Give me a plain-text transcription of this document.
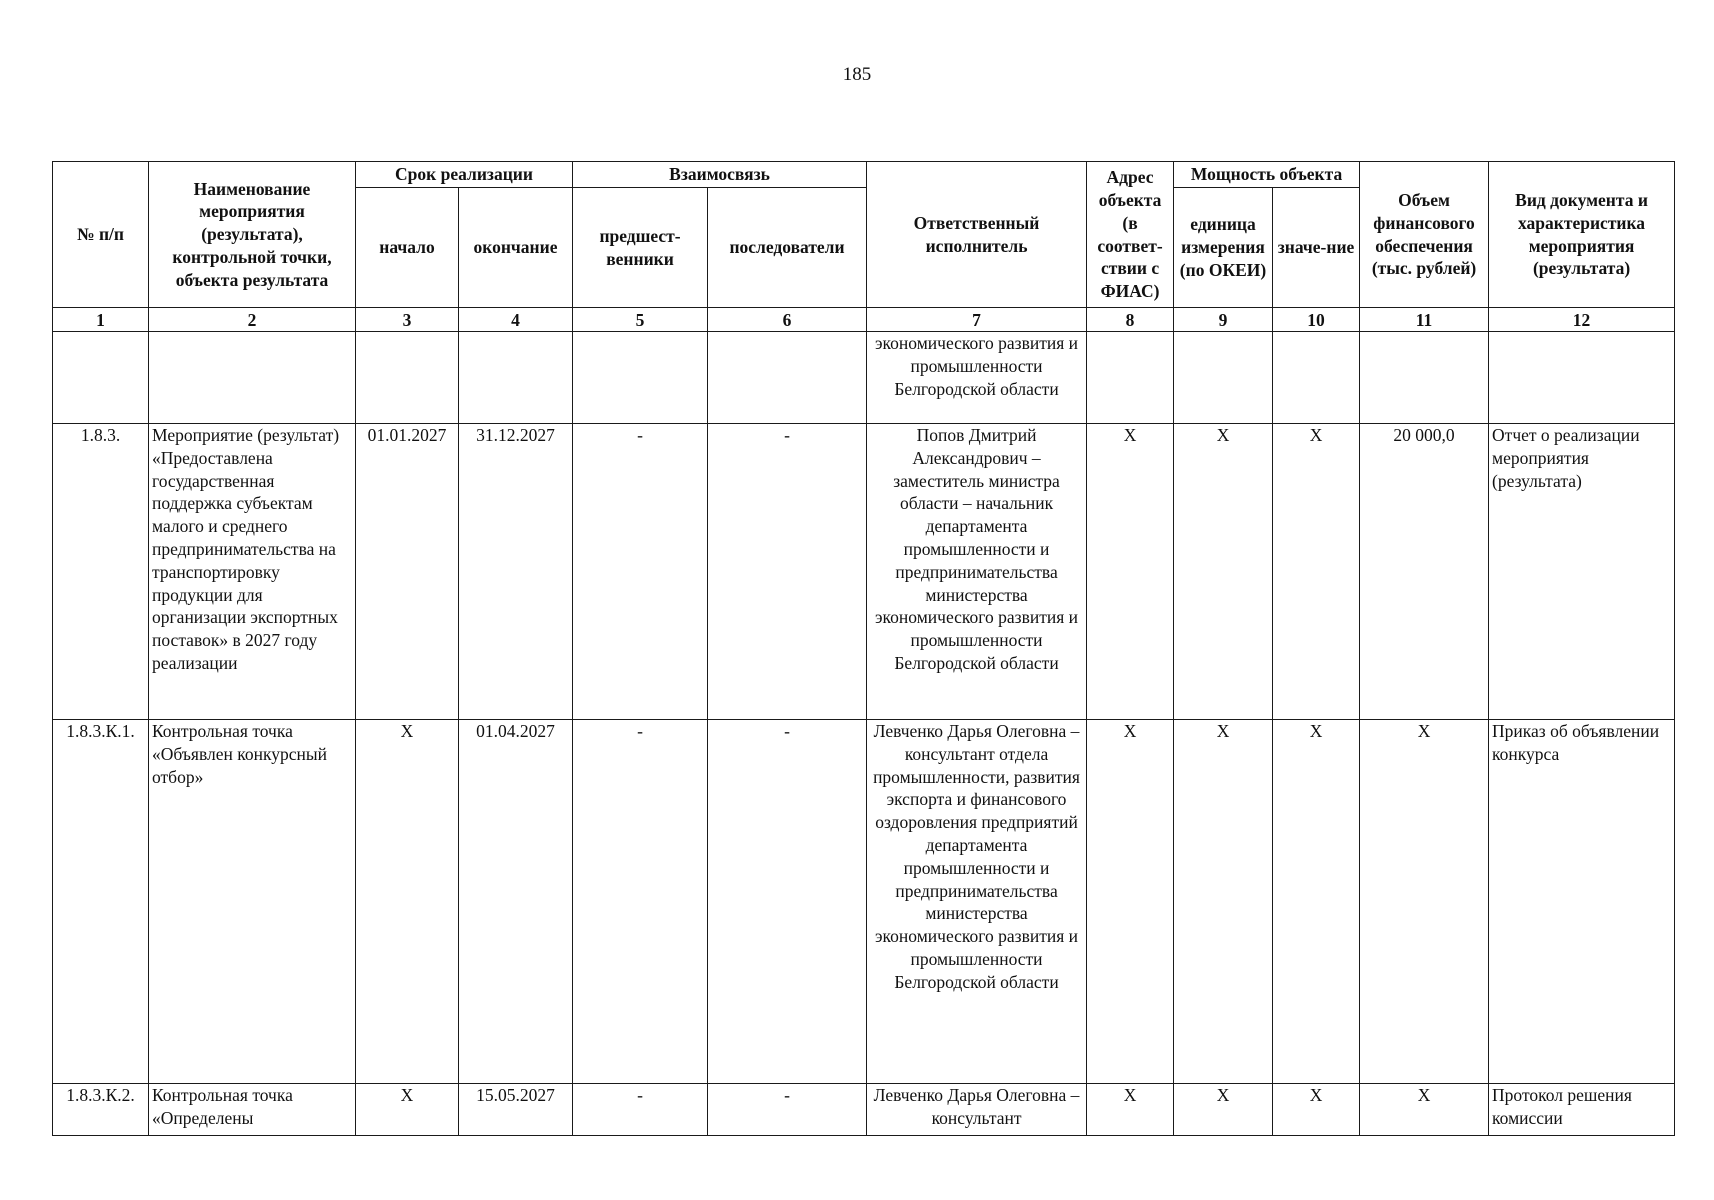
185
№ п/п	Наименование мероприятия (результата), контрольной точки, объекта результата	Срок реализации		Взаимосвязь		Ответственный исполнитель	Адрес объекта (в соответ-ствии с ФИАС)	Мощность объекта		Объем финансового обеспечения (тыс. рублей)	Вид документа и характеристика мероприятия (результата)
		начало	окончание	предшест-венники	последователи			единица измерения (по ОКЕИ)	значе-ние		
1	2	3	4	5	6	7	8	9	10	11	12
						экономического развития и промышленности Белгородской области					
1.8.3.	Мероприятие (результат) «Предоставлена государственная поддержка субъектам малого и среднего предпринимательства на транспортировку продукции для организации экспортных поставок» в 2027 году реализации	01.01.2027	31.12.2027	-	-	Попов Дмитрий Александрович – заместитель министра области – начальник департамента промышленности и предпринимательства министерства экономического развития и промышленности Белгородской области	X	X	X	20 000,0	Отчет о реализации мероприятия (результата)
1.8.3.К.1.	Контрольная точка «Объявлен конкурсный отбор»	X	01.04.2027	-	-	Левченко Дарья Олеговна – консультант отдела промышленности, развития экспорта и финансового оздоровления предприятий департамента промышленности и предпринимательства министерства экономического развития и промышленности Белгородской области	X	X	X	X	Приказ об объявлении конкурса
1.8.3.К.2.	Контрольная точка «Определены	X	15.05.2027	-	-	Левченко Дарья Олеговна – консультант	X	X	X	X	Протокол решения комиссии
